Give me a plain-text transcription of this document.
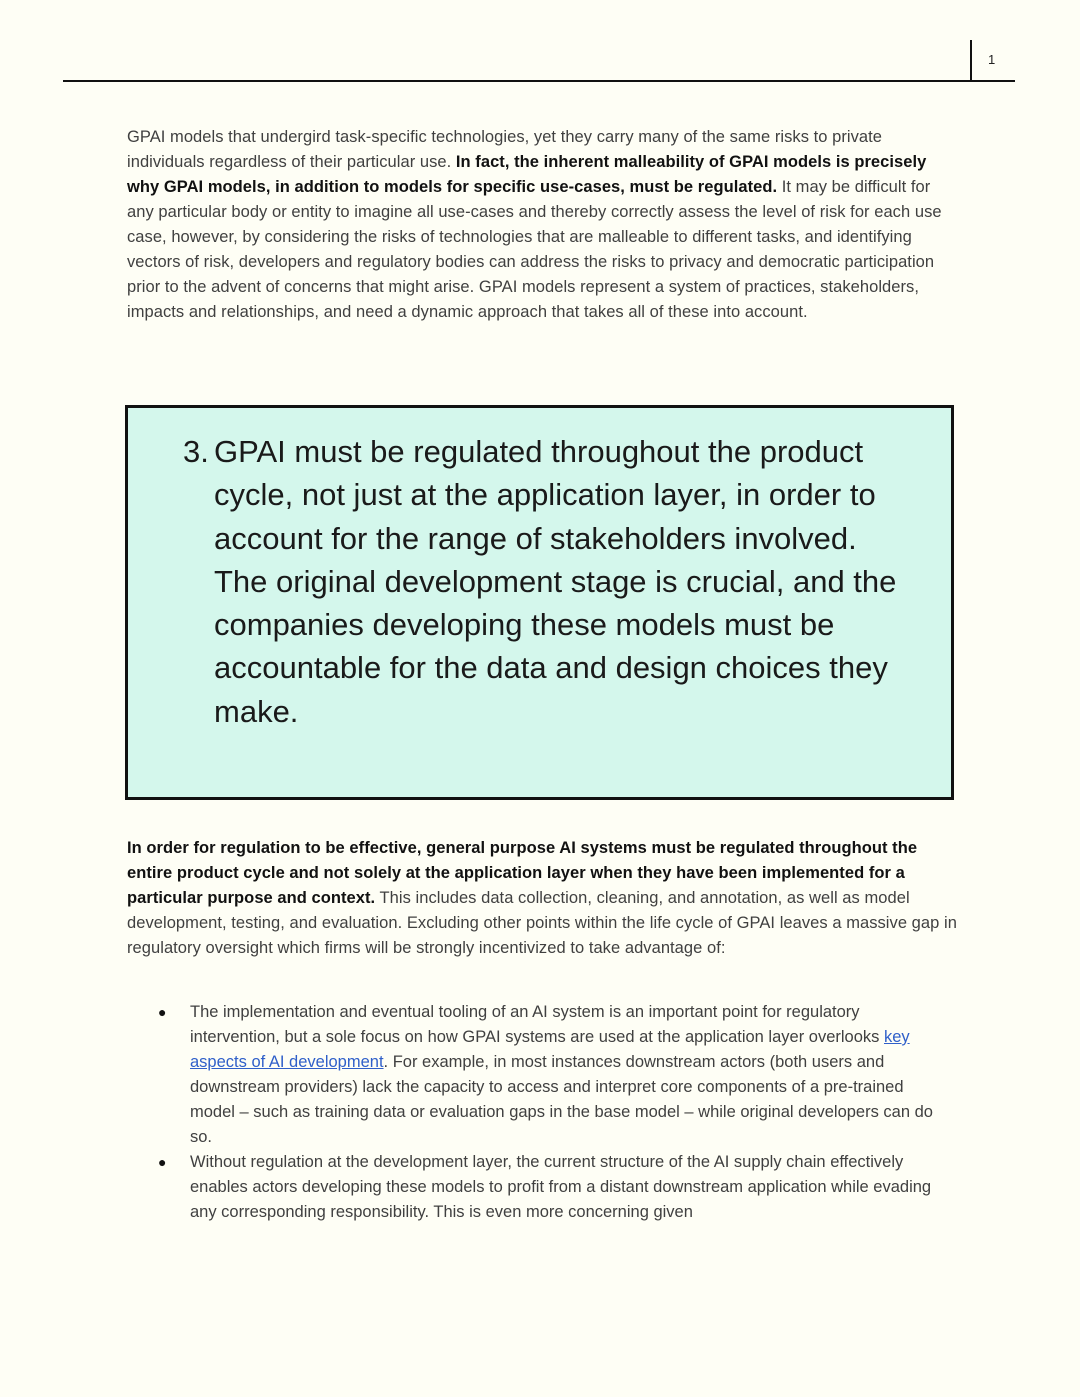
1

GPAI models that undergird task-specific technologies, yet they carry many of the same risks to private individuals regardless of their particular use. In fact, the inherent malleability of GPAI models is precisely why GPAI models, in addition to models for specific use-cases, must be regulated. It may be difficult for any particular body or entity to imagine all use-cases and thereby correctly assess the level of risk for each use case, however, by considering the risks of technologies that are malleable to different tasks, and identifying vectors of risk, developers and regulatory bodies can address the risks to privacy and democratic participation prior to the advent of concerns that might arise. GPAI models represent a system of practices, stakeholders, impacts and relationships, and need a dynamic approach that takes all of these into account.

3. GPAI must be regulated throughout the product cycle, not just at the application layer, in order to account for the range of stakeholders involved. The original development stage is crucial, and the companies developing these models must be accountable for the data and design choices they make.

In order for regulation to be effective, general purpose AI systems must be regulated throughout the entire product cycle and not solely at the application layer when they have been implemented for a particular purpose and context. This includes data collection, cleaning, and annotation, as well as model development, testing, and evaluation. Excluding other points within the life cycle of GPAI leaves a massive gap in regulatory oversight which firms will be strongly incentivized to take advantage of:

● The implementation and eventual tooling of an AI system is an important point for regulatory intervention, but a sole focus on how GPAI systems are used at the application layer overlooks key aspects of AI development. For example, in most instances downstream actors (both users and downstream providers) lack the capacity to access and interpret core components of a pre-trained model – such as training data or evaluation gaps in the base model – while original developers can do so.
● Without regulation at the development layer, the current structure of the AI supply chain effectively enables actors developing these models to profit from a distant downstream application while evading any corresponding responsibility. This is even more concerning given
